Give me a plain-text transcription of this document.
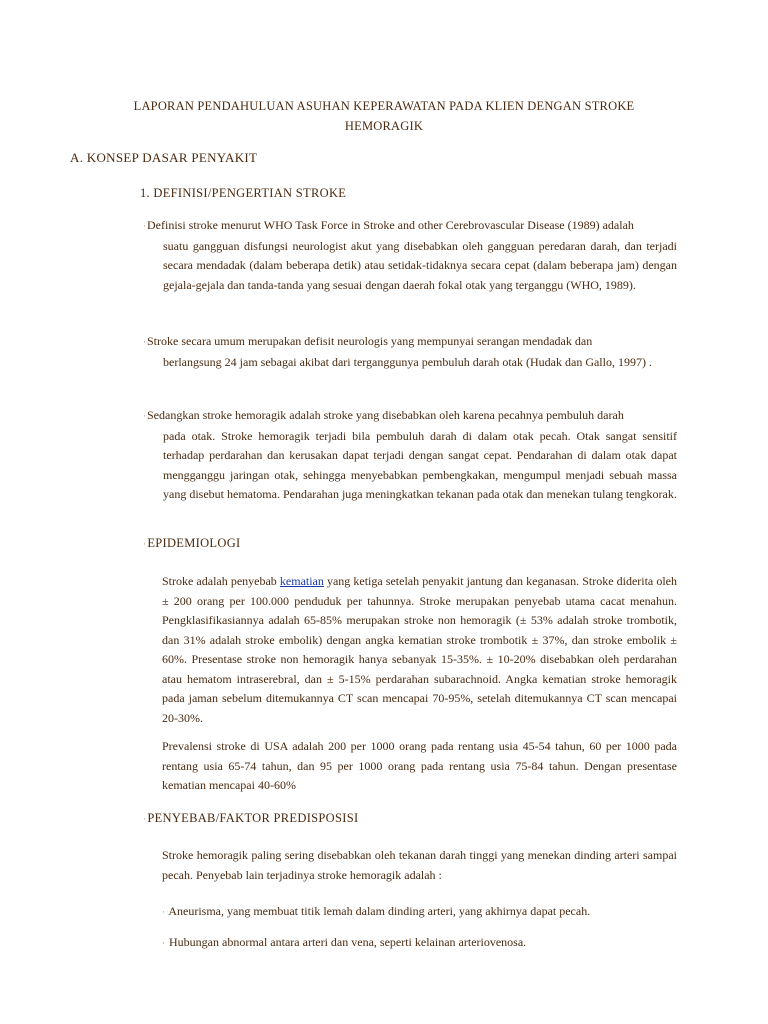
LAPORAN PENDAHULUAN ASUHAN KEPERAWATAN PADA KLIEN DENGAN STROKE
HEMORAGIK
A. KONSEP DASAR PENYAKIT
1. DEFINISI/PENGERTIAN STROKE
·Definisi stroke menurut WHO Task Force in Stroke and other Cerebrovascular Disease (1989) adalah
suatu gangguan disfungsi neurologist akut yang disebabkan oleh gangguan peredaran darah, dan terjadi secara mendadak (dalam beberapa detik) atau setidak-tidaknya secara cepat (dalam beberapa jam) dengan gejala-gejala dan tanda-tanda yang sesuai dengan daerah fokal otak yang terganggu (WHO, 1989).
·Stroke secara umum merupakan defisit neurologis yang mempunyai serangan mendadak dan
berlangsung 24 jam sebagai akibat dari terganggunya pembuluh darah otak (Hudak dan Gallo, 1997) .
·Sedangkan stroke hemoragik adalah stroke yang disebabkan oleh karena pecahnya pembuluh darah
pada otak. Stroke hemoragik terjadi bila pembuluh darah di dalam otak pecah. Otak sangat sensitif terhadap perdarahan dan kerusakan dapat terjadi dengan sangat cepat. Pendarahan di dalam otak dapat mengganggu jaringan otak, sehingga menyebabkan pembengkakan, mengumpul menjadi sebuah massa yang disebut hematoma. Pendarahan juga meningkatkan tekanan pada otak dan menekan tulang tengkorak.
·EPIDEMIOLOGI
Stroke adalah penyebab kematian yang ketiga setelah penyakit jantung dan keganasan. Stroke diderita oleh ± 200 orang per 100.000 penduduk per tahunnya. Stroke merupakan penyebab utama cacat menahun. Pengklasifikasiannya adalah 65-85% merupakan stroke non hemoragik (± 53% adalah stroke trombotik, dan 31% adalah stroke embolik) dengan angka kematian stroke trombotik ± 37%, dan stroke embolik ± 60%. Presentase stroke non hemoragik hanya sebanyak 15-35%. ± 10-20% disebabkan oleh perdarahan atau hematom intraserebral, dan ± 5-15% perdarahan subarachnoid. Angka kematian stroke hemoragik pada jaman sebelum ditemukannya CT scan mencapai 70-95%, setelah ditemukannya CT scan mencapai 20-30%.
Prevalensi stroke di USA adalah 200 per 1000 orang pada rentang usia 45-54 tahun, 60 per 1000 pada rentang usia 65-74 tahun, dan 95 per 1000 orang pada rentang usia 75-84 tahun. Dengan presentase kematian mencapai 40-60%
·PENYEBAB/FAKTOR PREDISPOSISI
Stroke hemoragik paling sering disebabkan oleh tekanan darah tinggi yang menekan dinding arteri sampai pecah. Penyebab lain terjadinya stroke hemoragik adalah :
· Aneurisma, yang membuat titik lemah dalam dinding arteri, yang akhirnya dapat pecah.
· Hubungan abnormal antara arteri dan vena, seperti kelainan arteriovenosa.
